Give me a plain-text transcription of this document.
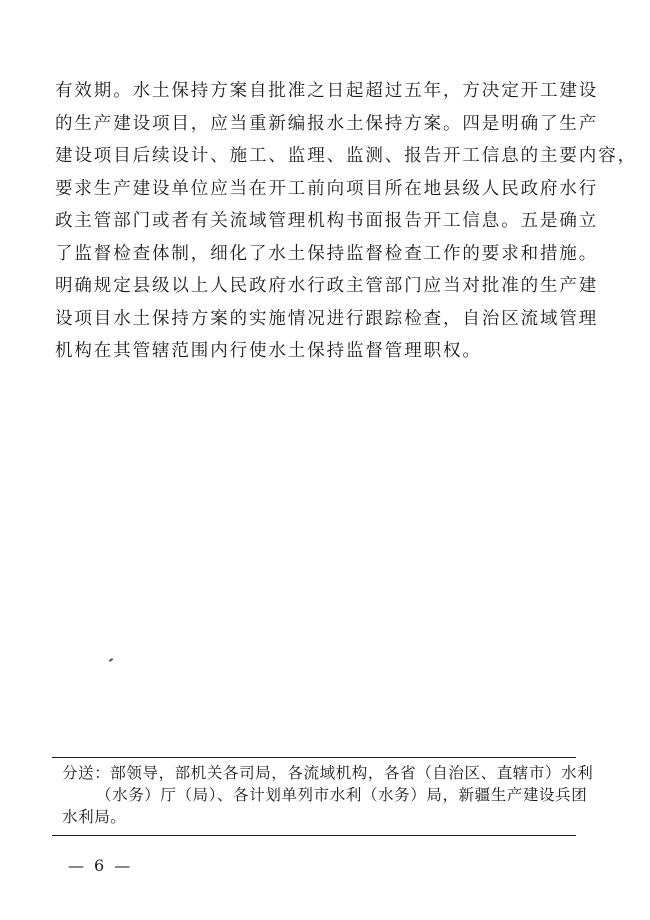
有效期。水土保持方案自批准之日起超过五年，方决定开工建设
的生产建设项目，应当重新编报水土保持方案。四是明确了生产
建设项目后续设计、施工、监理、监测、报告开工信息的主要内容，
要求生产建设单位应当在开工前向项目所在地县级人民政府水行
政主管部门或者有关流域管理机构书面报告开工信息。五是确立
了监督检查体制，细化了水土保持监督检查工作的要求和措施。
明确规定县级以上人民政府水行政主管部门应当对批准的生产建
设项目水土保持方案的实施情况进行跟踪检查，自治区流域管理
机构在其管辖范围内行使水土保持监督管理职权。
分送：部领导，部机关各司局，各流域机构，各省（自治区、直辖市）水利
（水务）厅（局）、各计划单列市水利（水务）局，新疆生产建设兵团
水利局。
— 6 —
